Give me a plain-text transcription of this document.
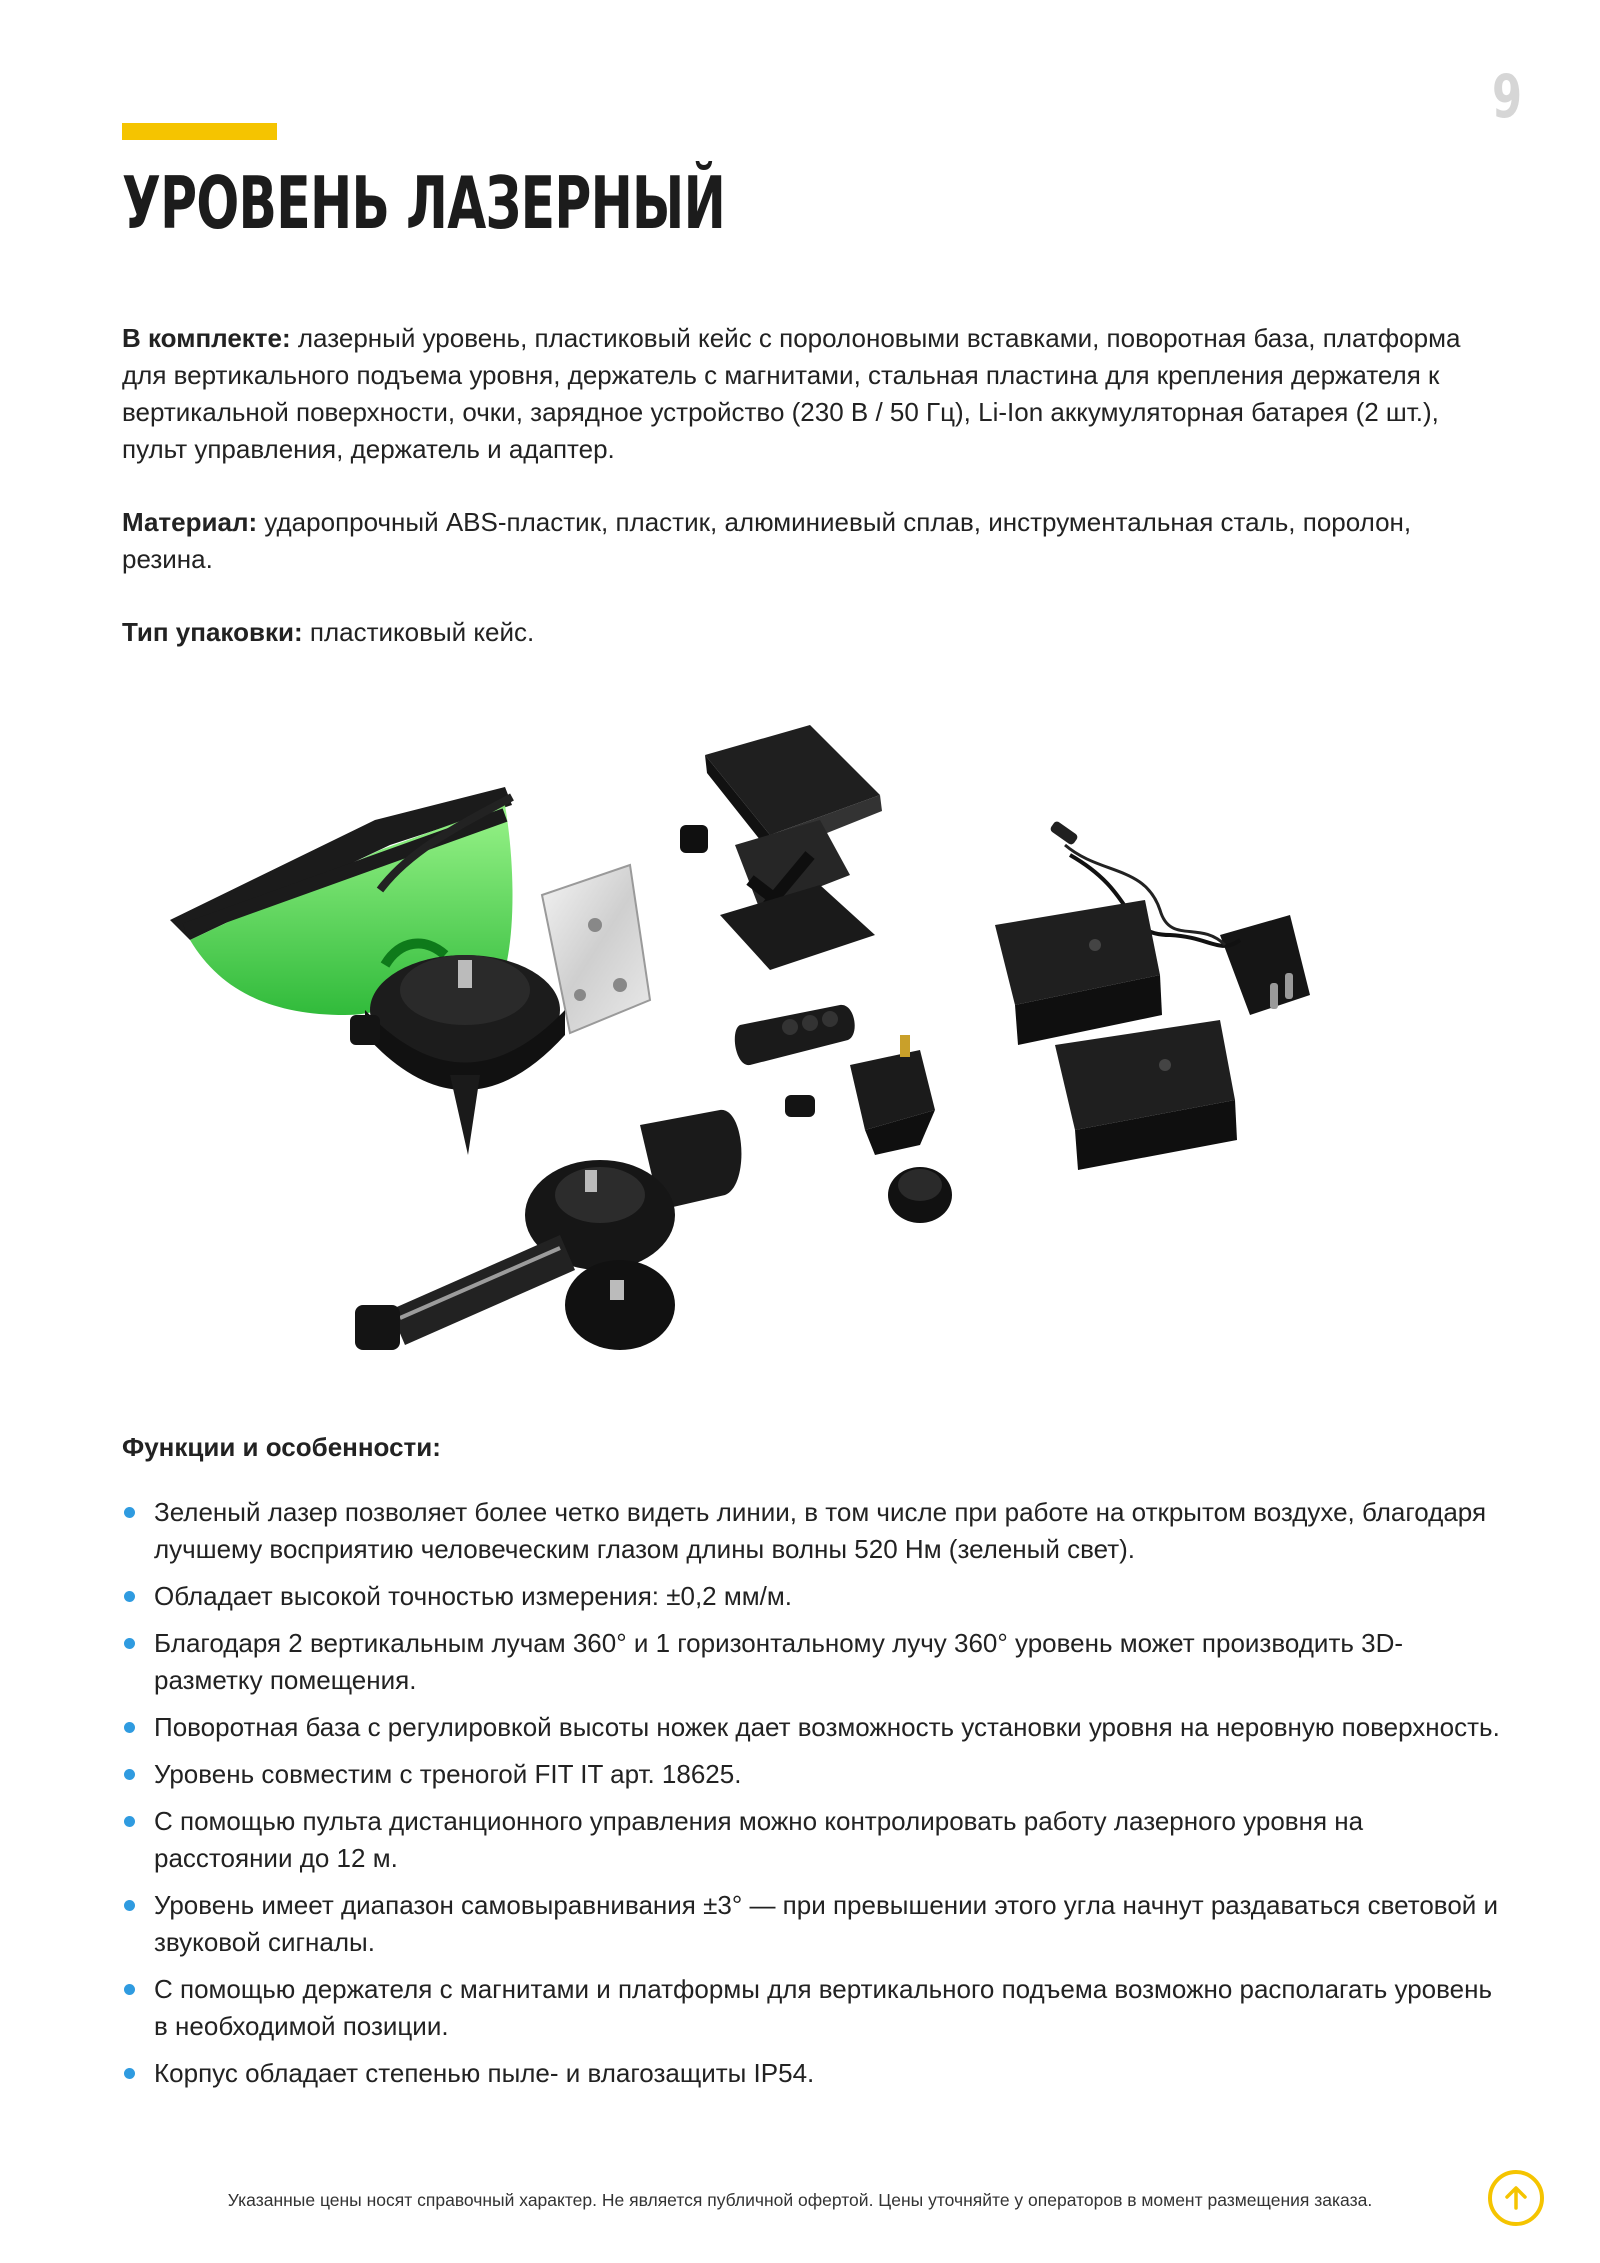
9
УРОВЕНЬ ЛАЗЕРНЫЙ

В комплекте: лазерный уровень, пластиковый кейс с поролоновыми вставками, поворотная база, платформа для вертикального подъема уровня, держатель с магнитами, стальная пластина для крепления держателя к вертикальной поверхности, очки, зарядное устройство (230 В / 50 Гц), Li-Ion аккумуляторная батарея (2 шт.), пульт управления, держатель и адаптер.

Материал: ударопрочный ABS-пластик, пластик, алюминиевый сплав, инструментальная сталь, поролон, резина.

Тип упаковки: пластиковый кейс.

Функции и особенности:
Зеленый лазер позволяет более четко видеть линии, в том числе при работе на открытом воздухе, благодаря лучшему восприятию человеческим глазом длины волны 520 Нм (зеленый свет).
Обладает высокой точностью измерения: ±0,2 мм/м.
Благодаря 2 вертикальным лучам 360° и 1 горизонтальному лучу 360° уровень может производить 3D-разметку помещения.
Поворотная база с регулировкой высоты ножек дает возможность установки уровня на неровную поверхность.
Уровень совместим с треногой FIT IT арт. 18625.
С помощью пульта дистанционного управления можно контролировать работу лазерного уровня на расстоянии до 12 м.
Уровень имеет диапазон самовыравнивания ±3° — при превышении этого угла начнут раздаваться световой и звуковой сигналы.
С помощью держателя с магнитами и платформы для вертикального подъема возможно располагать уровень в необходимой позиции.
Корпус обладает степенью пыле- и влагозащиты IP54.
Указанные цены носят справочный характер. Не является публичной офертой. Цены уточняйте у операторов в момент размещения заказа.
